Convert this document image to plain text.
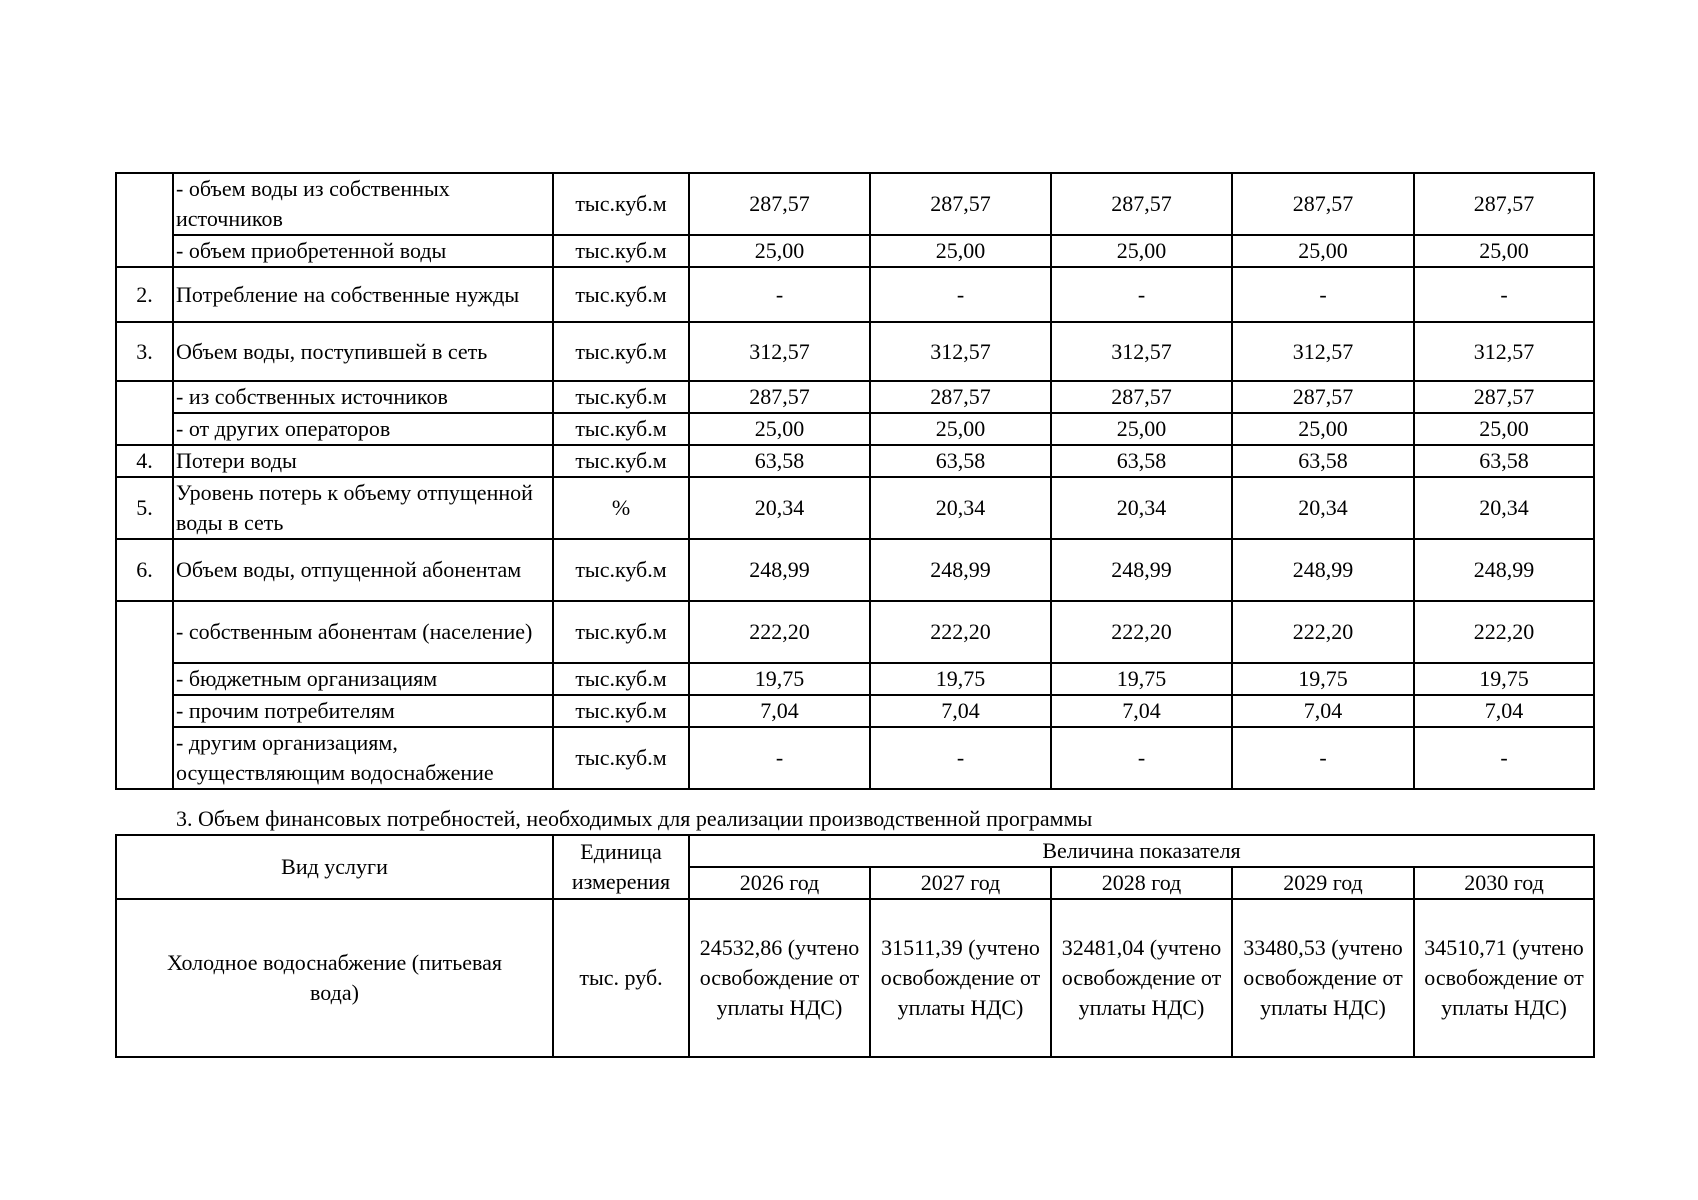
	- объем воды из собственных источников	тыс.куб.м	287,57	287,57	287,57	287,57	287,57
	- объем приобретенной воды	тыс.куб.м	25,00	25,00	25,00	25,00	25,00
2.	Потребление на собственные нужды	тыс.куб.м	-	-	-	-	-
3.	Объем воды, поступившей в сеть	тыс.куб.м	312,57	312,57	312,57	312,57	312,57
	- из собственных источников	тыс.куб.м	287,57	287,57	287,57	287,57	287,57
	- от других операторов	тыс.куб.м	25,00	25,00	25,00	25,00	25,00
4.	Потери воды	тыс.куб.м	63,58	63,58	63,58	63,58	63,58
5.	Уровень потерь к объему отпущенной воды в сеть	%	20,34	20,34	20,34	20,34	20,34
6.	Объем воды, отпущенной абонентам	тыс.куб.м	248,99	248,99	248,99	248,99	248,99
	- собственным абонентам (население)	тыс.куб.м	222,20	222,20	222,20	222,20	222,20
	- бюджетным организациям	тыс.куб.м	19,75	19,75	19,75	19,75	19,75
	- прочим потребителям	тыс.куб.м	7,04	7,04	7,04	7,04	7,04
	- другим организациям, осуществляющим водоснабжение	тыс.куб.м	-	-	-	-	-
3. Объем финансовых потребностей, необходимых для реализации производственной программы
Вид услуги	Единица измерения	Величина показателя				
		2026 год	2027 год	2028 год	2029 год	2030 год
Холодное водоснабжение (питьевая вода)	тыс. руб.	24532,86 (учтено освобождение от уплаты НДС)	31511,39 (учтено освобождение от уплаты НДС)	32481,04 (учтено освобождение от уплаты НДС)	33480,53 (учтено освобождение от уплаты НДС)	34510,71 (учтено освобождение от уплаты НДС)
